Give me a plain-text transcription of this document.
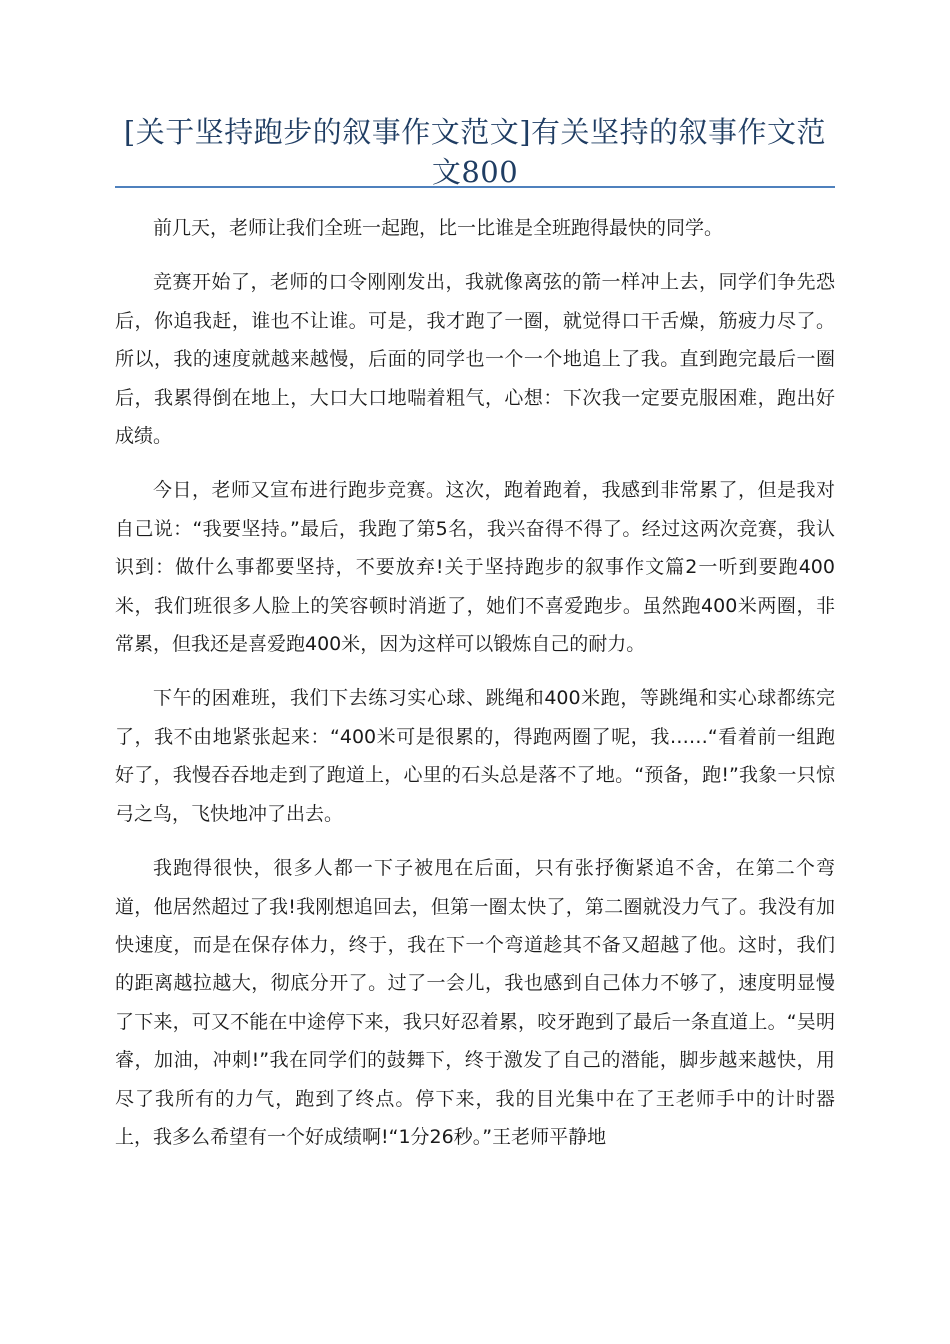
[关于坚持跑步的叙事作文范文]有关坚持的叙事作文范文800

前几天，老师让我们全班一起跑，比一比谁是全班跑得最快的同学。

竞赛开始了，老师的口令刚刚发出，我就像离弦的箭一样冲上去，同学们争先恐后，你追我赶，谁也不让谁。可是，我才跑了一圈，就觉得口干舌燥，筋疲力尽了。所以，我的速度就越来越慢，后面的同学也一个一个地追上了我。直到跑完最后一圈后，我累得倒在地上，大口大口地喘着粗气，心想：下次我一定要克服困难，跑出好成绩。

今日，老师又宣布进行跑步竞赛。这次，跑着跑着，我感到非常累了，但是我对自己说：“我要坚持。”最后，我跑了第5名，我兴奋得不得了。经过这两次竞赛，我认识到：做什么事都要坚持，不要放弃!关于坚持跑步的叙事作文篇2一听到要跑400米，我们班很多人脸上的笑容顿时消逝了，她们不喜爱跑步。虽然跑400米两圈，非常累，但我还是喜爱跑400米，因为这样可以锻炼自己的耐力。

下午的困难班，我们下去练习实心球、跳绳和400米跑，等跳绳和实心球都练完了，我不由地紧张起来：“400米可是很累的，得跑两圈了呢，我……“看着前一组跑好了，我慢吞吞地走到了跑道上，心里的石头总是落不了地。“预备，跑!”我象一只惊弓之鸟，飞快地冲了出去。

我跑得很快，很多人都一下子被甩在后面，只有张抒衡紧追不舍，在第二个弯道，他居然超过了我!我刚想追回去，但第一圈太快了，第二圈就没力气了。我没有加快速度，而是在保存体力，终于，我在下一个弯道趁其不备又超越了他。这时，我们的距离越拉越大，彻底分开了。过了一会儿，我也感到自己体力不够了，速度明显慢了下来，可又不能在中途停下来，我只好忍着累，咬牙跑到了最后一条直道上。“吴明睿，加油，冲刺!”我在同学们的鼓舞下，终于激发了自己的潜能，脚步越来越快，用尽了我所有的力气，跑到了终点。停下来，我的目光集中在了王老师手中的计时器上，我多么希望有一个好成绩啊!“1分26秒。”王老师平静地
